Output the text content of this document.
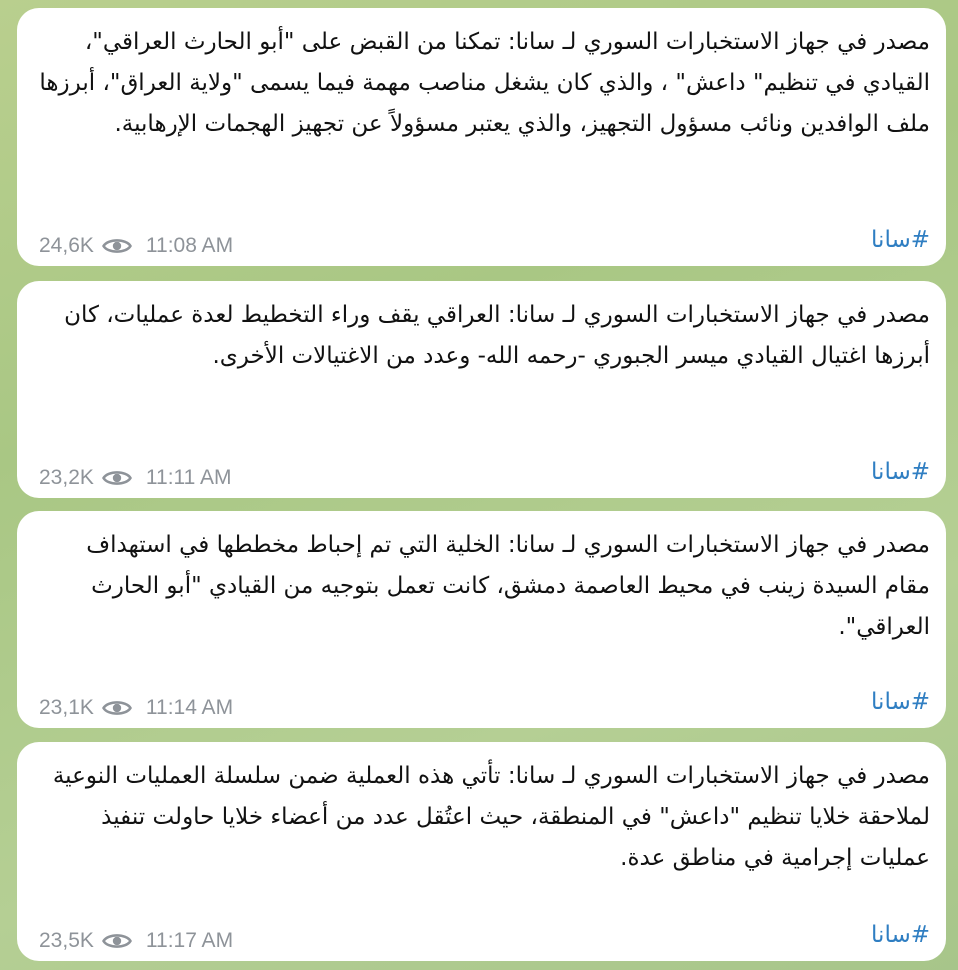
مصدر في جهاز الاستخبارات السوري لـ سانا: تمكنا من القبض على "أبو الحارث العراقي"، القيادي في تنظيم" داعش" ، والذي كان يشغل مناصب مهمة فيما يسمى "ولاية العراق"، أبرزها ملف الوافدين ونائب مسؤول التجهيز، والذي يعتبر مسؤولاً عن تجهيز الهجمات الإرهابية.

#سانا
24,6K 11:08 AM

مصدر في جهاز الاستخبارات السوري لـ سانا: العراقي يقف وراء التخطيط لعدة عمليات، كان أبرزها اغتيال القيادي ميسر الجبوري -رحمه الله- وعدد من الاغتيالات الأخرى.

#سانا
23,2K 11:11 AM

مصدر في جهاز الاستخبارات السوري لـ سانا: الخلية التي تم إحباط مخططها في استهداف مقام السيدة زينب في محيط العاصمة دمشق، كانت تعمل بتوجيه من القيادي "أبو الحارث العراقي".

#سانا
23,1K 11:14 AM

مصدر في جهاز الاستخبارات السوري لـ سانا: تأتي هذه العملية ضمن سلسلة العمليات النوعية لملاحقة خلايا تنظيم "داعش" في المنطقة، حيث اعتُقل عدد من أعضاء خلايا حاولت تنفيذ عمليات إجرامية في مناطق عدة.

#سانا
23,5K 11:17 AM
